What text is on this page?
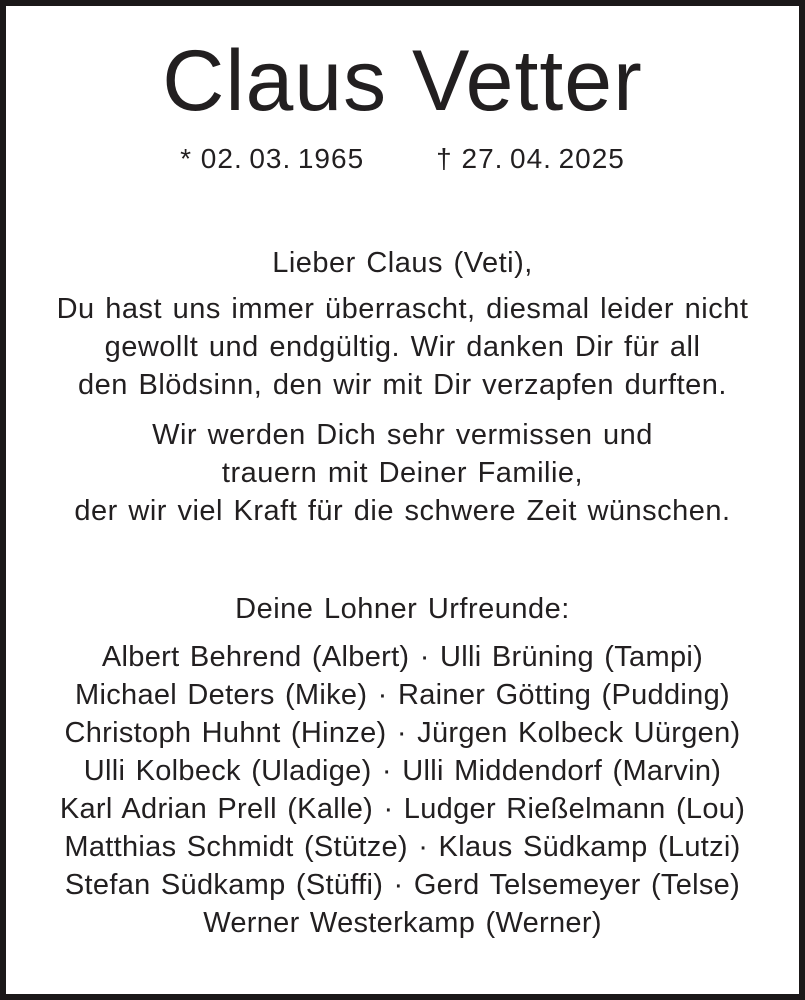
Claus Vetter
* 02. 03. 1965	† 27. 04. 2025
Lieber Claus (Veti),

Du hast uns immer überrascht, diesmal leider nicht
gewollt und endgültig. Wir danken Dir für all
den Blödsinn, den wir mit Dir verzapfen durften.

Wir werden Dich sehr vermissen und
trauern mit Deiner Familie,
der wir viel Kraft für die schwere Zeit wünschen.

Deine Lohner Urfreunde:
Albert Behrend (Albert) · Ulli Brüning (Tampi)
Michael Deters (Mike) · Rainer Götting (Pudding)
Christoph Huhnt (Hinze) · Jürgen Kolbeck Uürgen)
Ulli Kolbeck (Uladige) · Ulli Middendorf (Marvin)
Karl Adrian Prell (Kalle) · Ludger Rießelmann (Lou)
Matthias Schmidt (Stütze) · Klaus Südkamp (Lutzi)
Stefan Südkamp (Stüffi) · Gerd Telsemeyer (Telse)
Werner Westerkamp (Werner)
